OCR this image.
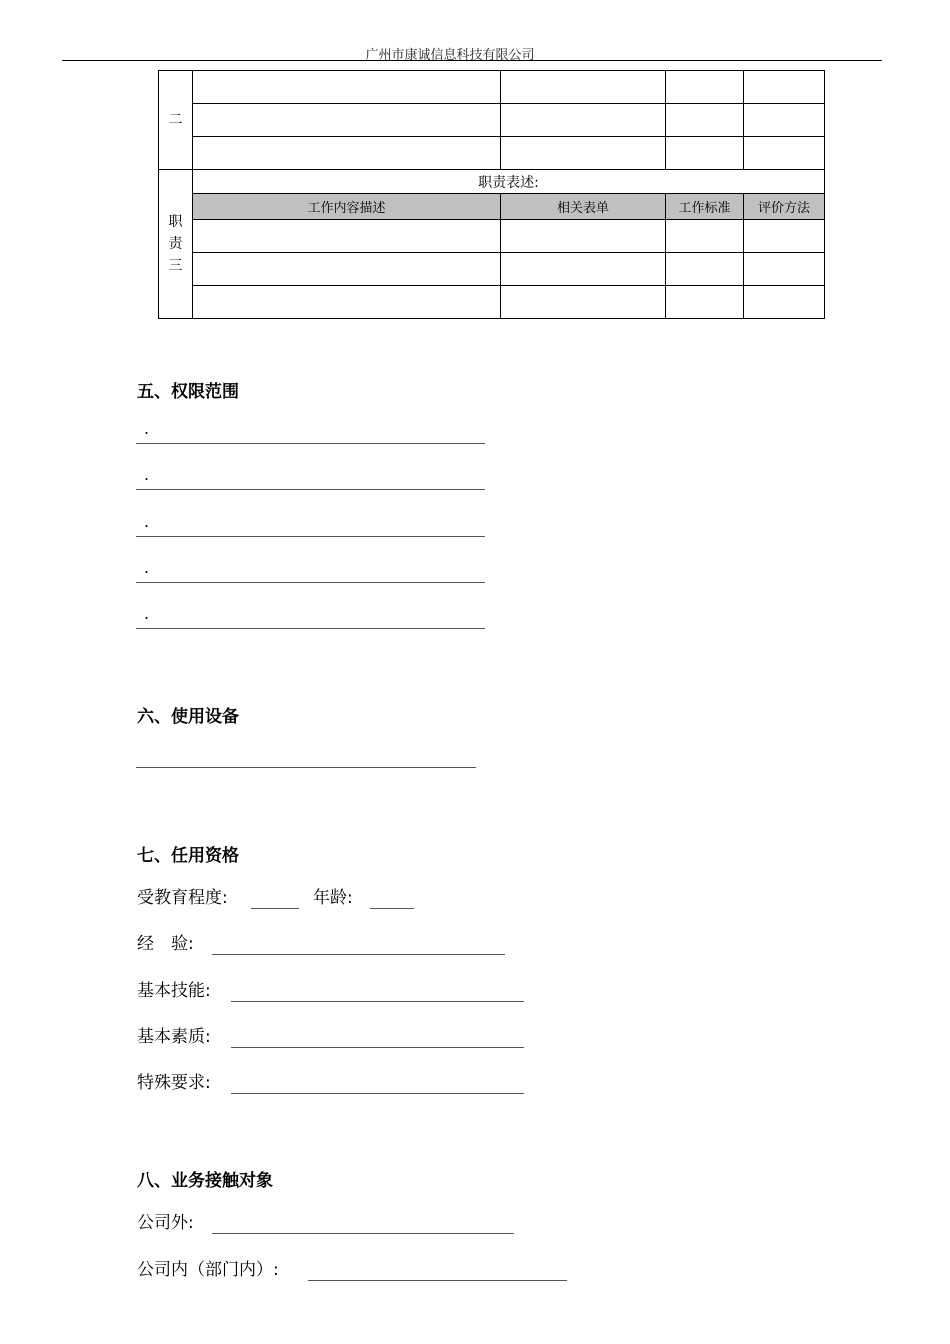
广州市康诚信息科技有限公司
二				

职
责
三	职责表述:			
	工作内容描述	相关表单	工作标准	评价方法

五、权限范围
.
.
.
.
.
六、使用设备
七、任用资格
受教育程度:	年龄:
经　验:
基本技能:
基本素质:
特殊要求:
八、业务接触对象
公司外:
公司内（部门内）:
